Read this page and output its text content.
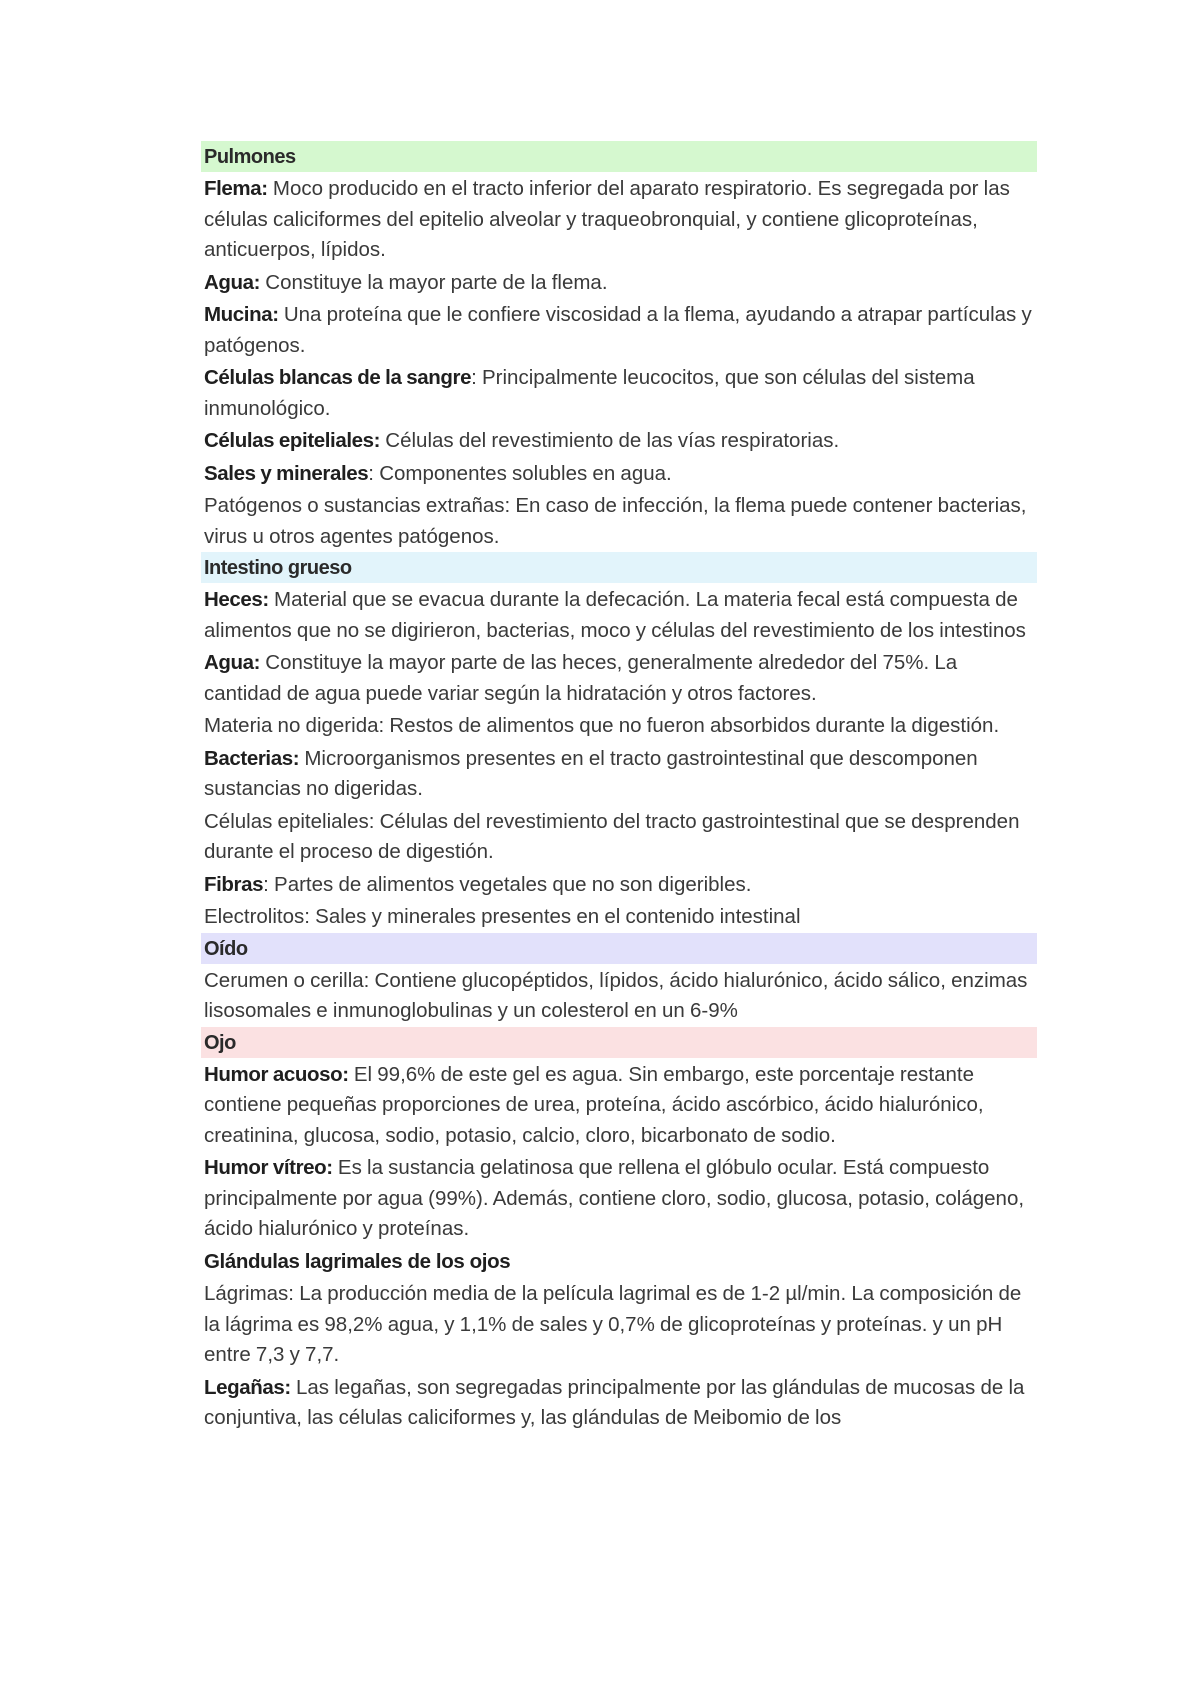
Pulmones
Flema: Moco producido en el tracto inferior del aparato respiratorio. Es segregada por las células caliciformes del epitelio alveolar y traqueobronquial, y contiene glicoproteínas, anticuerpos, lípidos.
Agua: Constituye la mayor parte de la flema.
Mucina: Una proteína que le confiere viscosidad a la flema, ayudando a atrapar partículas y patógenos.
Células blancas de la sangre: Principalmente leucocitos, que son células del sistema inmunológico.
Células epiteliales: Células del revestimiento de las vías respiratorias.
Sales y minerales: Componentes solubles en agua.
Patógenos o sustancias extrañas: En caso de infección, la flema puede contener bacterias, virus u otros agentes patógenos.
Intestino grueso
Heces: Material que se evacua durante la defecación. La materia fecal está compuesta de alimentos que no se digirieron, bacterias, moco y células del revestimiento de los intestinos
Agua: Constituye la mayor parte de las heces, generalmente alrededor del 75%. La cantidad de agua puede variar según la hidratación y otros factores.
Materia no digerida: Restos de alimentos que no fueron absorbidos durante la digestión.
Bacterias: Microorganismos presentes en el tracto gastrointestinal que descomponen sustancias no digeridas.
Células epiteliales: Células del revestimiento del tracto gastrointestinal que se desprenden durante el proceso de digestión.
Fibras: Partes de alimentos vegetales que no son digeribles.
Electrolitos: Sales y minerales presentes en el contenido intestinal
Oído
Cerumen o cerilla: Contiene glucopéptidos, lípidos, ácido hialurónico, ácido sálico, enzimas lisosomales e inmunoglobulinas y un colesterol en un 6-9%
Ojo
Humor acuoso: El 99,6% de este gel es agua. Sin embargo, este porcentaje restante contiene pequeñas proporciones de urea, proteína, ácido ascórbico, ácido hialurónico, creatinina, glucosa, sodio, potasio, calcio, cloro, bicarbonato de sodio.
Humor vítreo: Es la sustancia gelatinosa que rellena el glóbulo ocular. Está compuesto principalmente por agua (99%). Además, contiene cloro, sodio, glucosa, potasio, colágeno, ácido hialurónico y proteínas.
Glándulas lagrimales de los ojos
Lágrimas: La producción media de la película lagrimal es de 1-2 µl/min. La composición de la lágrima es 98,2% agua, y 1,1% de sales y 0,7% de glicoproteínas y proteínas. y un pH entre 7,3 y 7,7.
Legañas: Las legañas, son segregadas principalmente por las glándulas de mucosas de la conjuntiva, las células caliciformes y, las glándulas de Meibomio de los
